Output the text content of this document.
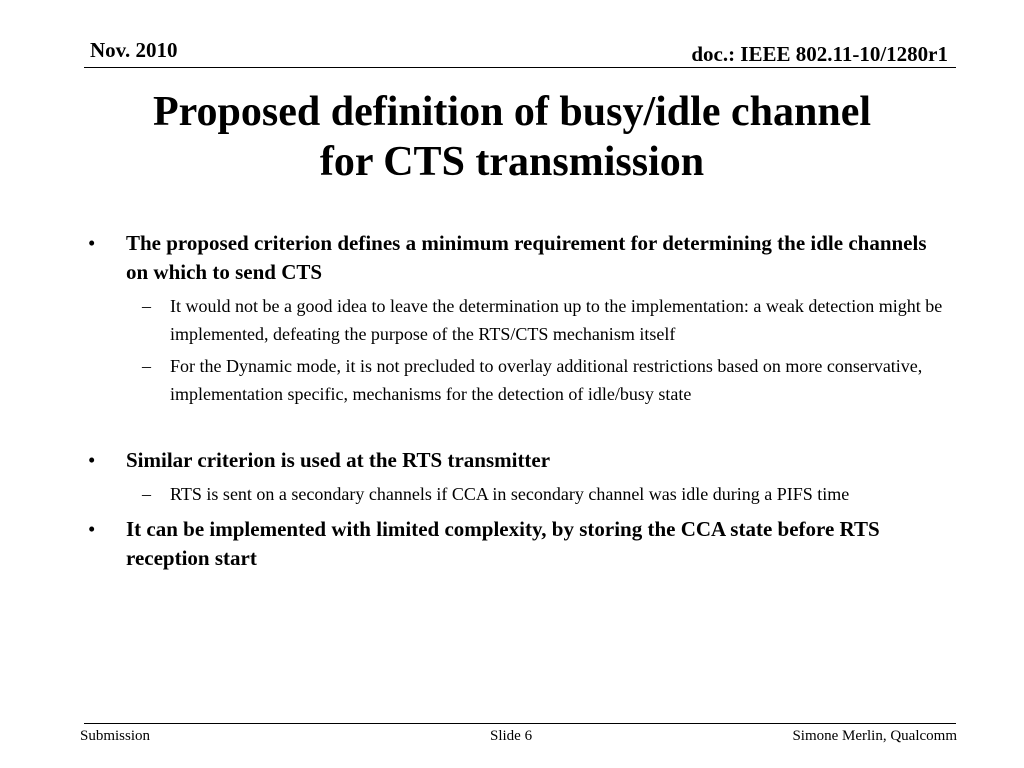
Nov. 2010	doc.: IEEE 802.11-10/1280r1
Proposed definition of busy/idle channel
for CTS transmission
• The proposed criterion defines a minimum requirement for determining the idle channels on which to send CTS
– It would not be a good idea to leave the determination up to the implementation: a weak detection might be implemented, defeating the purpose of the RTS/CTS mechanism itself
– For the Dynamic mode, it is not precluded to overlay additional restrictions based on more conservative, implementation specific, mechanisms for the detection of idle/busy state
• Similar criterion is used at the RTS transmitter
– RTS is sent on a secondary channels if CCA in secondary channel was idle during a PIFS time
• It can be implemented with limited complexity, by storing the CCA state before RTS reception start
Submission	Slide 6	Simone Merlin, Qualcomm
